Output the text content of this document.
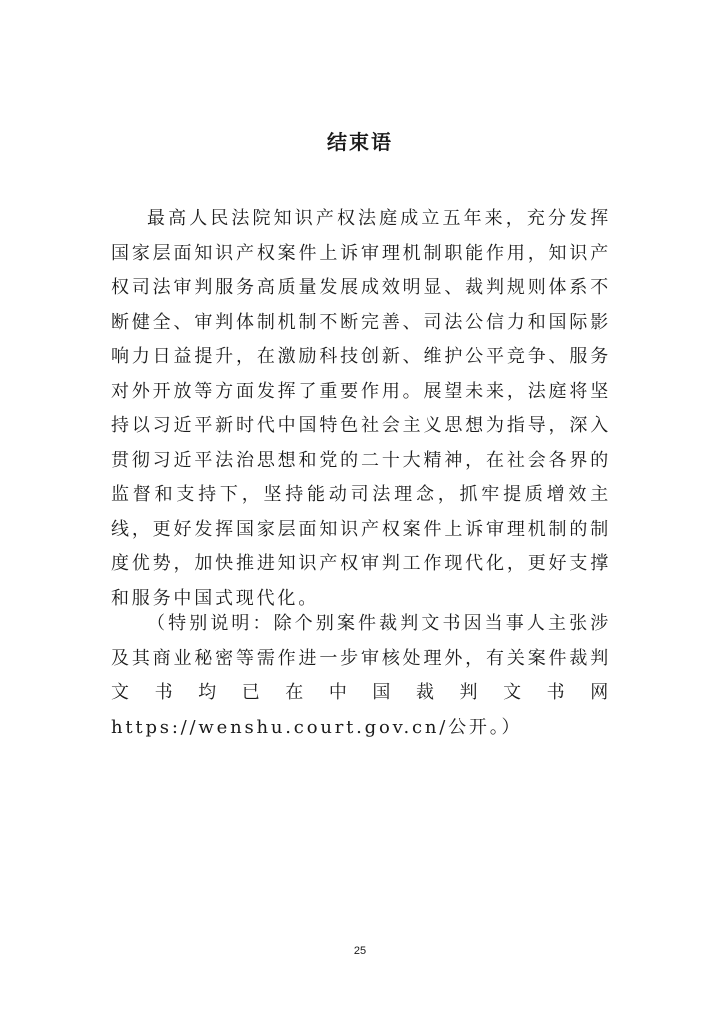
结束语

最高人民法院知识产权法庭成立五年来，充分发挥国家层面知识产权案件上诉审理机制职能作用，知识产权司法审判服务高质量发展成效明显、裁判规则体系不断健全、审判体制机制不断完善、司法公信力和国际影响力日益提升，在激励科技创新、维护公平竞争、服务对外开放等方面发挥了重要作用。展望未来，法庭将坚持以习近平新时代中国特色社会主义思想为指导，深入贯彻习近平法治思想和党的二十大精神，在社会各界的监督和支持下，坚持能动司法理念，抓牢提质增效主线，更好发挥国家层面知识产权案件上诉审理机制的制度优势，加快推进知识产权审判工作现代化，更好支撑和服务中国式现代化。

（特别说明：除个别案件裁判文书因当事人主张涉及其商业秘密等需作进一步审核处理外，有关案件裁判文书均已在中国裁判文书网 https://wenshu.court.gov.cn/公开。）

25
